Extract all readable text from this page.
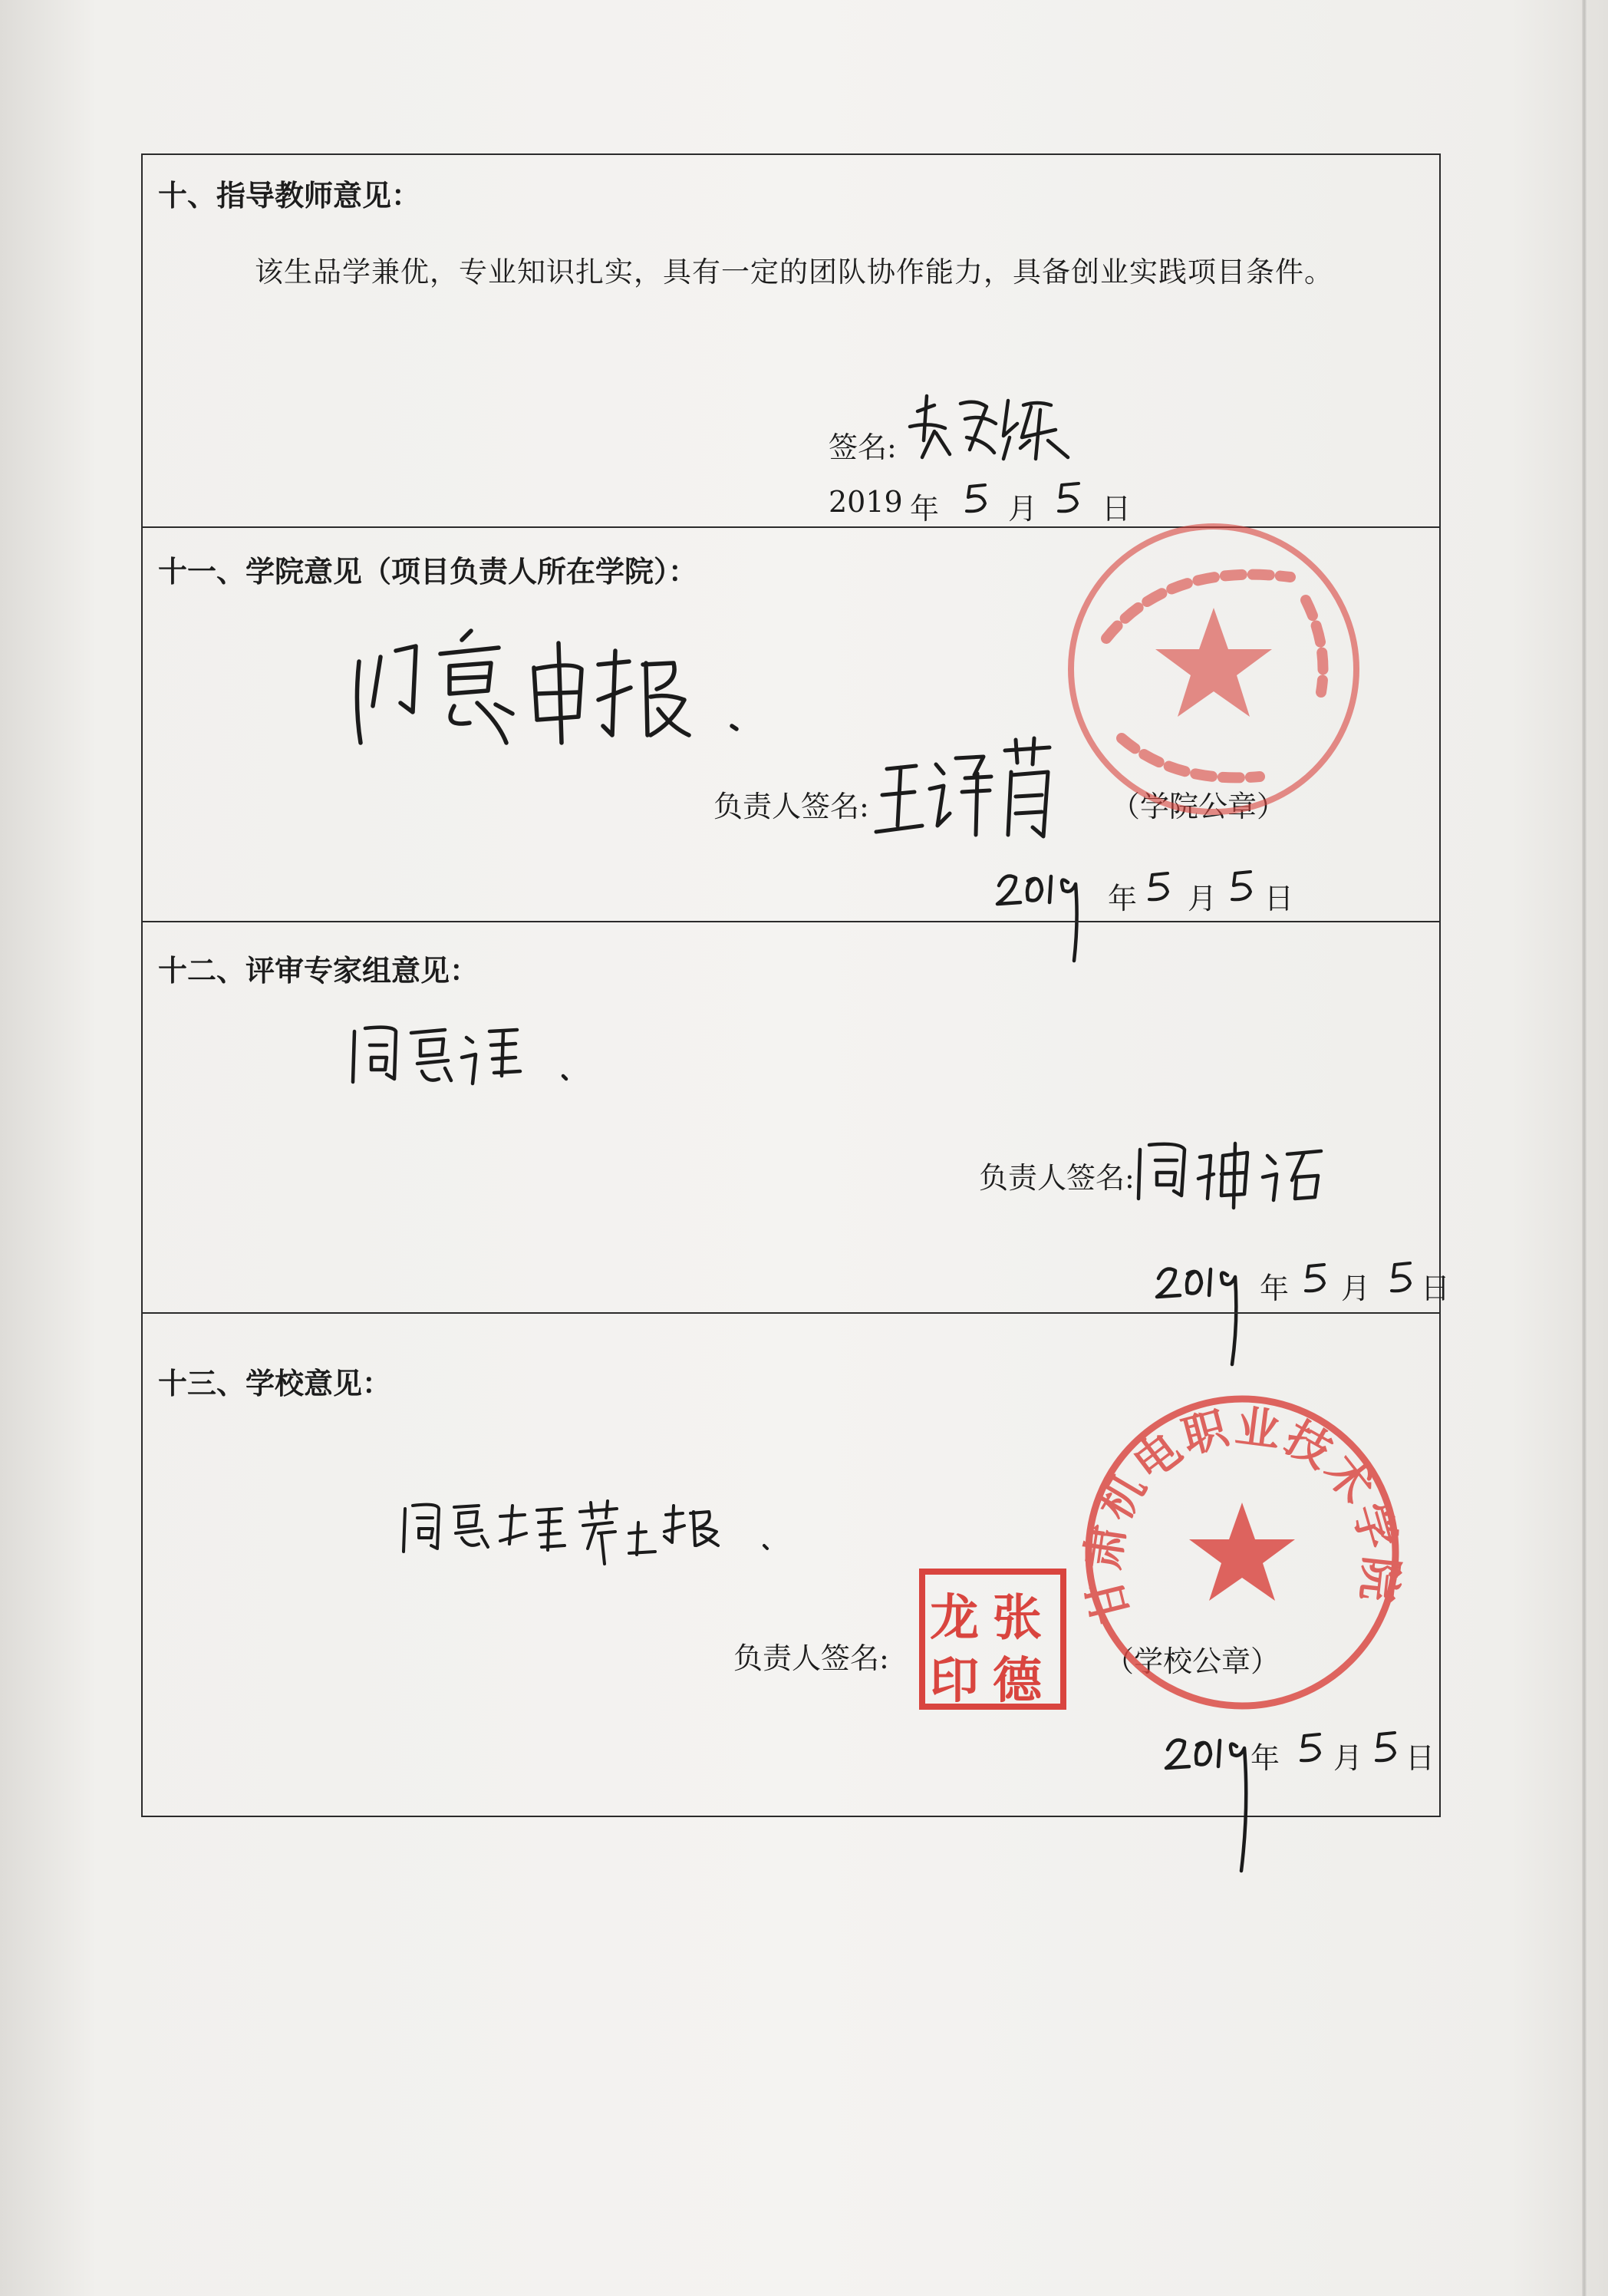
十、指导教师意见：
该生品学兼优，专业知识扎实，具有一定的团队协作能力，具备创业实践项目条件。
签名:
2019 年 月 日
十一、学院意见（项目负责人所在学院）：
负责人签名:	（学院公章）
年 月 日
十二、评审专家组意见：
负责人签名:
年 月 日
十三、学校意见：
负责人签名:
张
德
龙
印	（学校公章）
甘肃机电职业技术学院
年 月 日
